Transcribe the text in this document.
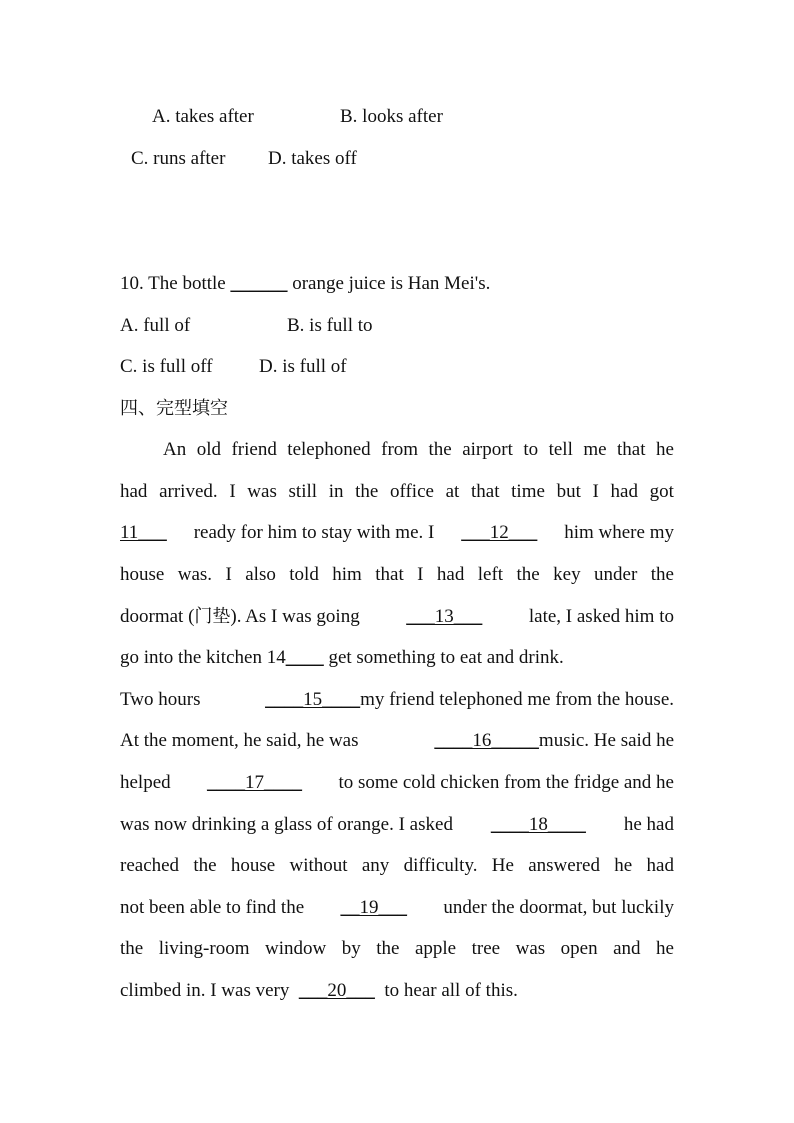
A. takes after	B. looks after
C. runs after D. takes off
10. The bottle ______ orange juice is Han Mei's.
A. full of	B. is full to
C. is full off D. is full of
四、完型填空
An old friend telephoned from the airport to tell me that he
had arrived. I was still in the office at that time but I had got
11___ ready for him to stay with me. I ___12___ him where my
house was. I also told him that I had left the key under the
doormat (门垫). As I was going ___13___ late, I asked him to
go into the kitchen 14____ get something to eat and drink.
Two hours	____15____my friend telephoned me from the house.
At the moment, he said, he was	____16_____music. He said he
helped ____17____ to some cold chicken from the fridge and he
was now drinking a glass of orange. I asked ____18____ he had
reached the house without any difficulty. He answered he had
not been able to find the __19___ under the doormat, but luckily
the living-room window by the apple tree was open and he
climbed in. I was very ___20___ to hear all of this.
